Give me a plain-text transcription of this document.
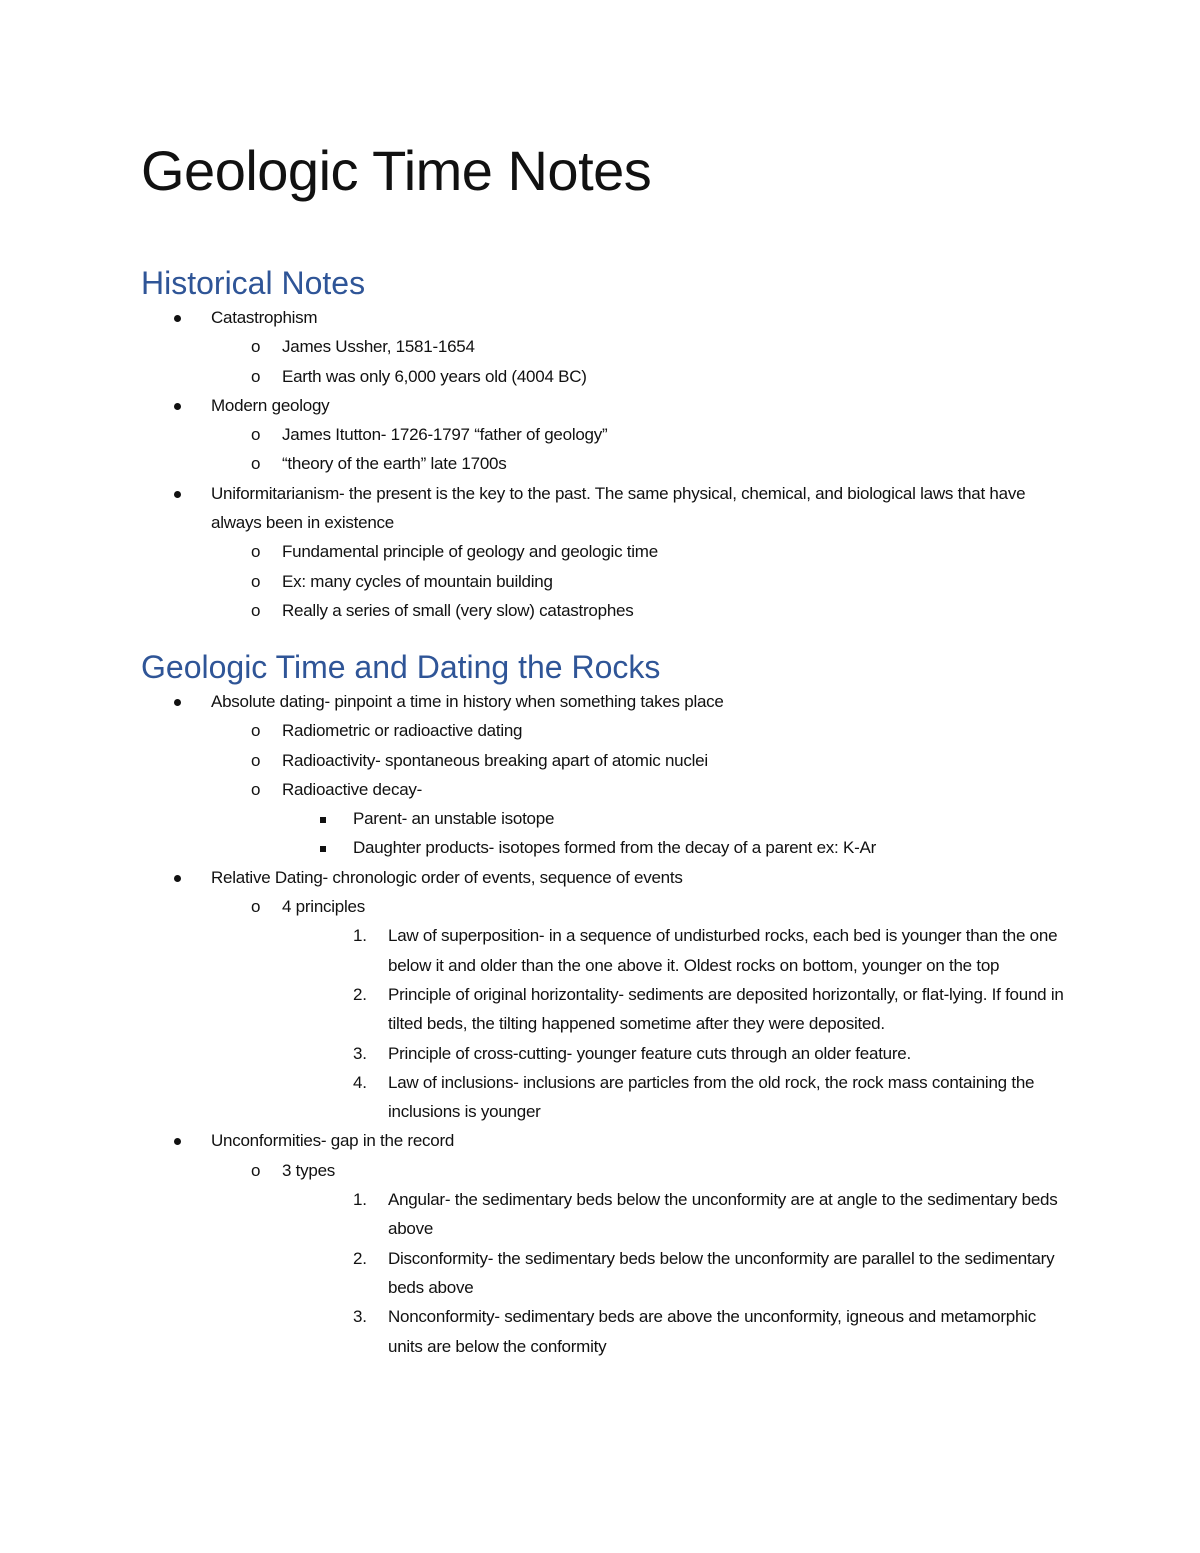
Geologic Time Notes
Historical Notes
Catastrophism
o James Ussher, 1581-1654
o Earth was only 6,000 years old (4004 BC)
Modern geology
o James Itutton- 1726-1797 “father of geology”
o “theory of the earth” late 1700s
Uniformitarianism- the present is the key to the past. The same physical, chemical, and biological laws that have always been in existence
o Fundamental principle of geology and geologic time
o Ex: many cycles of mountain building
o Really a series of small (very slow) catastrophes
Geologic Time and Dating the Rocks
Absolute dating- pinpoint a time in history when something takes place
o Radiometric or radioactive dating
o Radioactivity- spontaneous breaking apart of atomic nuclei
o Radioactive decay-
Parent- an unstable isotope
Daughter products- isotopes formed from the decay of a parent ex: K-Ar
Relative Dating- chronologic order of events, sequence of events
o 4 principles
1. Law of superposition- in a sequence of undisturbed rocks, each bed is younger than the one below it and older than the one above it. Oldest rocks on bottom, younger on the top
2. Principle of original horizontality- sediments are deposited horizontally, or flat-lying. If found in tilted beds, the tilting happened sometime after they were deposited.
3. Principle of cross-cutting- younger feature cuts through an older feature.
4. Law of inclusions- inclusions are particles from the old rock, the rock mass containing the inclusions is younger
Unconformities- gap in the record
o 3 types
1. Angular- the sedimentary beds below the unconformity are at angle to the sedimentary beds above
2. Disconformity- the sedimentary beds below the unconformity are parallel to the sedimentary beds above
3. Nonconformity- sedimentary beds are above the unconformity, igneous and metamorphic units are below the conformity
